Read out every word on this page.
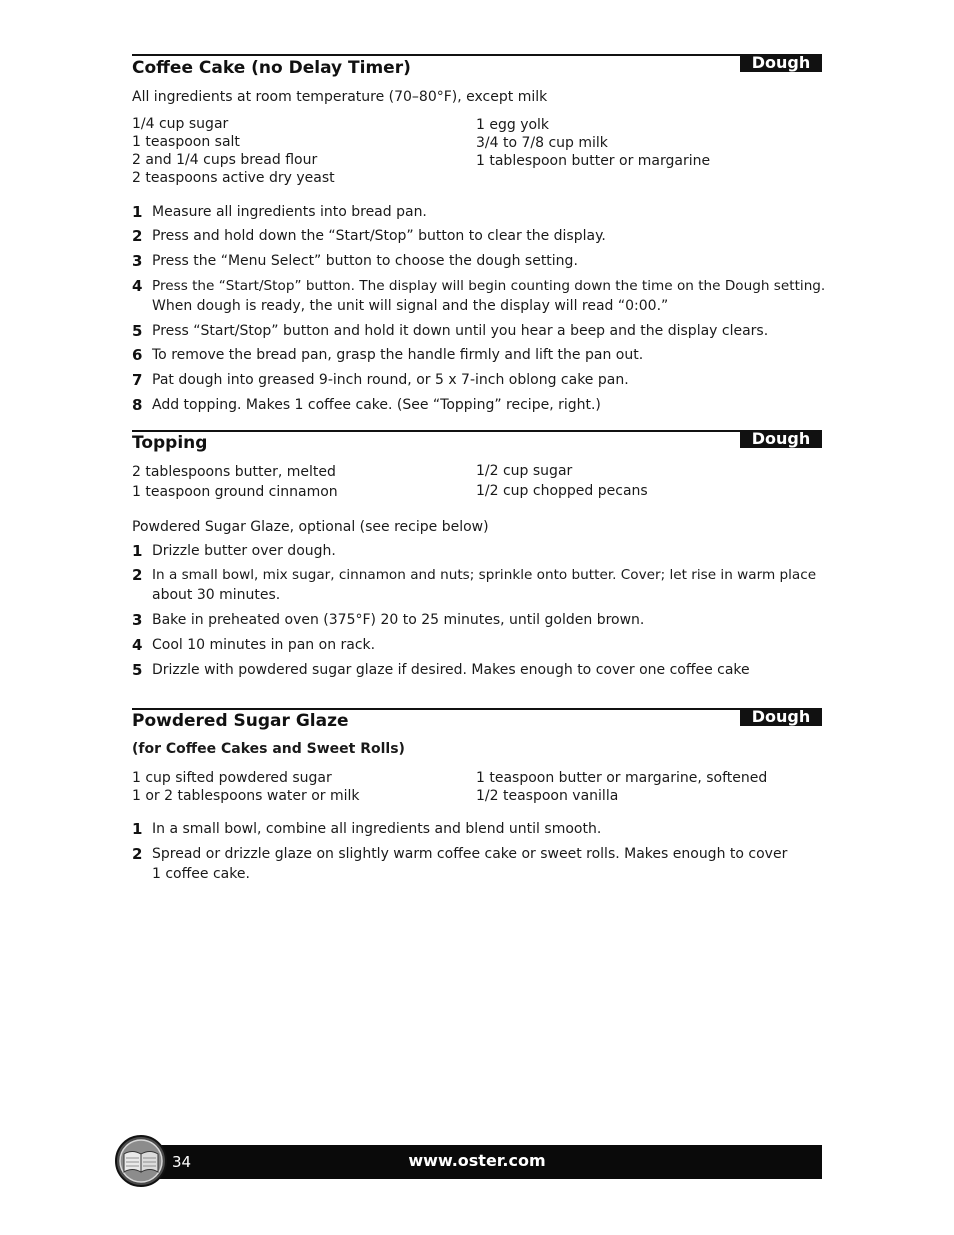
Coffee Cake (no Delay Timer)	Dough
All ingredients at room temperature (70–80°F), except milk
1/4 cup sugar
1 teaspoon salt
2 and 1/4 cups bread flour
2 teaspoons active dry yeast
1 egg yolk
3/4 to 7/8 cup milk
1 tablespoon butter or margarine
1 Measure all ingredients into bread pan.
2 Press and hold down the “Start/Stop” button to clear the display.
3 Press the “Menu Select” button to choose the dough setting.
4 Press the “Start/Stop” button. The display will begin counting down the time on the Dough setting.
When dough is ready, the unit will signal and the display will read “0:00.”
5 Press “Start/Stop” button and hold it down until you hear a beep and the display clears.
6 To remove the bread pan, grasp the handle firmly and lift the pan out.
7 Pat dough into greased 9-inch round, or 5 x 7-inch oblong cake pan.
8 Add topping. Makes 1 coffee cake. (See “Topping” recipe, right.)
Topping	Dough
2 tablespoons butter, melted
1 teaspoon ground cinnamon
1/2 cup sugar
1/2 cup chopped pecans
Powdered Sugar Glaze, optional (see recipe below)
1 Drizzle butter over dough.
2 In a small bowl, mix sugar, cinnamon and nuts; sprinkle onto butter. Cover; let rise in warm place
about 30 minutes.
3 Bake in preheated oven (375°F) 20 to 25 minutes, until golden brown.
4 Cool 10 minutes in pan on rack.
5 Drizzle with powdered sugar glaze if desired. Makes enough to cover one coffee cake
Powdered Sugar Glaze	Dough
(for Coffee Cakes and Sweet Rolls)
1 cup sifted powdered sugar
1 or 2 tablespoons water or milk
1 teaspoon butter or margarine, softened
1/2 teaspoon vanilla
1 In a small bowl, combine all ingredients and blend until smooth.
2 Spread or drizzle glaze on slightly warm coffee cake or sweet rolls. Makes enough to cover
1 coffee cake.
34	www.oster.com
